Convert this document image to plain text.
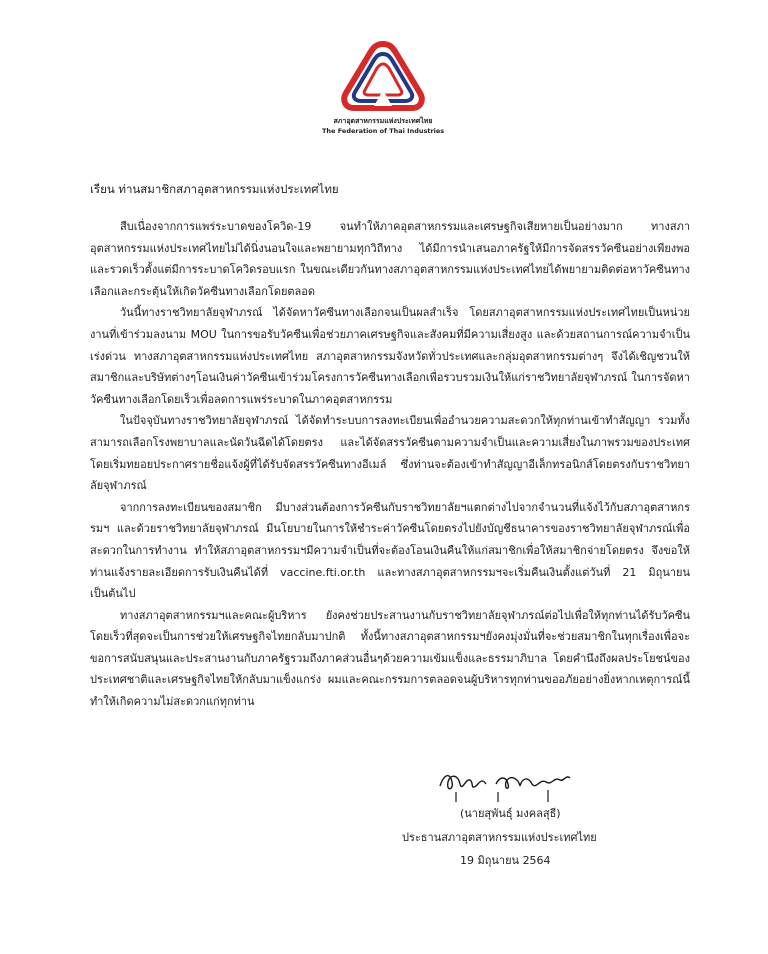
สภาอุตสาหกรรมแห่งประเทศไทย
The Federation of Thai Industries
เรียน ท่านสมาชิกสภาอุตสาหกรรมแห่งประเทศไทย

สืบเนื่องจากการแพร่ระบาดของโควิด-19 จนทำให้ภาคอุตสาหกรรมและเศรษฐกิจเสียหายเป็นอย่างมาก ทางสภาอุตสาหกรรมแห่งประเทศไทยไม่ได้นิ่งนอนใจและพยายามทุกวิถีทาง ได้มีการนำเสนอภาครัฐให้มีการจัดสรรวัคซีนอย่างเพียงพอและรวดเร็วตั้งแต่มีการระบาดโควิดรอบแรก ในขณะเดียวกันทางสภาอุตสาหกรรมแห่งประเทศไทยได้พยายามติดต่อหาวัคซีนทางเลือกและกระตุ้นให้เกิดวัคซีนทางเลือกโดยตลอด

วันนี้ทางราชวิทยาลัยจุฬาภรณ์ ได้จัดหาวัคซีนทางเลือกจนเป็นผลสำเร็จ โดยสภาอุตสาหกรรมแห่งประเทศไทยเป็นหน่วยงานที่เข้าร่วมลงนาม MOU ในการขอรับวัคซีนเพื่อช่วยภาคเศรษฐกิจและสังคมที่มีความเสี่ยงสูง และด้วยสถานการณ์ความจำเป็นเร่งด่วน ทางสภาอุตสาหกรรมแห่งประเทศไทย สภาอุตสาหกรรมจังหวัดทั่วประเทศและกลุ่มอุตสาหกรรมต่างๆ จึงได้เชิญชวนให้สมาชิกและบริษัทต่างๆโอนเงินค่าวัคซีนเข้าร่วมโครงการวัคซีนทางเลือกเพื่อรวบรวมเงินให้แก่ราชวิทยาลัยจุฬาภรณ์ ในการจัดหาวัคซีนทางเลือกโดยเร็วเพื่อลดการแพร่ระบาดในภาคอุตสาหกรรม

ในปัจจุบันทางราชวิทยาลัยจุฬาภรณ์ ได้จัดทำระบบการลงทะเบียนเพื่ออำนวยความสะดวกให้ทุกท่านเข้าทำสัญญา รวมทั้งสามารถเลือกโรงพยาบาลและนัดวันฉีดได้โดยตรง และได้จัดสรรวัคซีนตามความจำเป็นและความเสี่ยงในภาพรวมของประเทศ โดยเริ่มทยอยประกาศรายชื่อแจ้งผู้ที่ได้รับจัดสรรวัคซีนทางอีเมล์ ซึ่งท่านจะต้องเข้าทำสัญญาอีเล็กทรอนิกส์โดยตรงกับราชวิทยาลัยจุฬาภรณ์

จากการลงทะเบียนของสมาชิก มีบางส่วนต้องการวัคซีนกับราชวิทยาลัยฯแตกต่างไปจากจำนวนที่แจ้งไว้กับสภาอุตสาหกรรมฯ และด้วยราชวิทยาลัยจุฬาภรณ์ มีนโยบายในการให้ชำระค่าวัคซีนโดยตรงไปยังบัญชีธนาคารของราชวิทยาลัยจุฬาภรณ์เพื่อสะดวกในการทำงาน ทำให้สภาอุตสาหกรรมฯมีความจำเป็นที่จะต้องโอนเงินคืนให้แก่สมาชิกเพื่อให้สมาชิกจ่ายโดยตรง จึงขอให้ท่านแจ้งรายละเอียดการรับเงินคืนได้ที่ vaccine.fti.or.th และทางสภาอุตสาหกรรมฯจะเริ่มคืนเงินตั้งแต่วันที่ 21 มิถุนายน เป็นต้นไป

ทางสภาอุตสาหกรรมฯและคณะผู้บริหาร ยังคงช่วยประสานงานกับราชวิทยาลัยจุฬาภรณ์ต่อไปเพื่อให้ทุกท่านได้รับวัคซีนโดยเร็วที่สุดจะเป็นการช่วยให้เศรษฐกิจไทยกลับมาปกติ ทั้งนี้ทางสภาอุตสาหกรรมฯยังคงมุ่งมั่นที่จะช่วยสมาชิกในทุกเรื่องเพื่อจะขอการสนับสนุนและประสานงานกับภาครัฐรวมถึงภาคส่วนอื่นๆด้วยความเข้มแข็งและธรรมาภิบาล โดยคำนึงถึงผลประโยชน์ของประเทศชาติและเศรษฐกิจไทยให้กลับมาแข็งแกร่ง ผมและคณะกรรมการตลอดจนผู้บริหารทุกท่านขออภัยอย่างยิ่งหากเหตุการณ์นี้ทำให้เกิดความไม่สะดวกแก่ทุกท่าน

(นายสุพันธุ์ มงคลสุธี)
ประธานสภาอุตสาหกรรมแห่งประเทศไทย
19 มิถุนายน 2564
